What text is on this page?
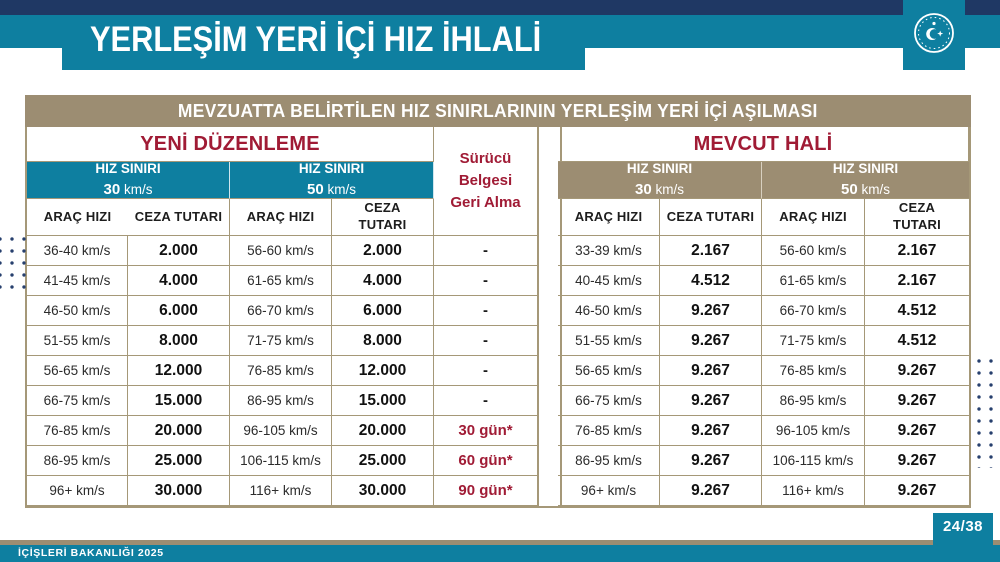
YERLEŞİM YERİ İÇİ HIZ İHLALİ
MEVZUATTA BELİRTİLEN HIZ SINIRLARININ YERLEŞİM YERİ İÇİ AŞILMASI
YENİ DÜZENLEME
Sürücü Belgesi Geri Alma
HIZ SINIRI
30 km/s
HIZ SINIRI
50 km/s
ARAÇ HIZI CEZA TUTARI ARAÇ HIZI
CEZA TUTARI
36-40 km/s	2.000	56-60 km/s	2.000	-
41-45 km/s	4.000	61-65 km/s	4.000	-
46-50 km/s	6.000	66-70 km/s	6.000	-
51-55 km/s	8.000	71-75 km/s	8.000	-
56-65 km/s	12.000	76-85 km/s	12.000	-
66-75 km/s	15.000	86-95 km/s	15.000	-
76-85 km/s	20.000	96-105 km/s	20.000	30 gün*
86-95 km/s	25.000	106-115 km/s	25.000	60 gün*
96+ km/s	30.000	116+ km/s	30.000	90 gün*
MEVCUT HALİ
HIZ SINIRI
30 km/s
HIZ SINIRI
50 km/s
ARAÇ HIZI CEZA TUTARI ARAÇ HIZI
CEZA TUTARI
33-39 km/s	2.167	56-60 km/s	2.167
40-45 km/s	4.512	61-65 km/s	2.167
46-50 km/s	9.267	66-70 km/s	4.512
51-55 km/s	9.267	71-75 km/s	4.512
56-65 km/s	9.267	76-85 km/s	9.267
66-75 km/s	9.267	86-95 km/s	9.267
76-85 km/s	9.267	96-105 km/s	9.267
86-95 km/s	9.267	106-115 km/s	9.267
96+ km/s	9.267	116+ km/s	9.267
İÇİŞLERİ BAKANLIĞI 2025
24/38
